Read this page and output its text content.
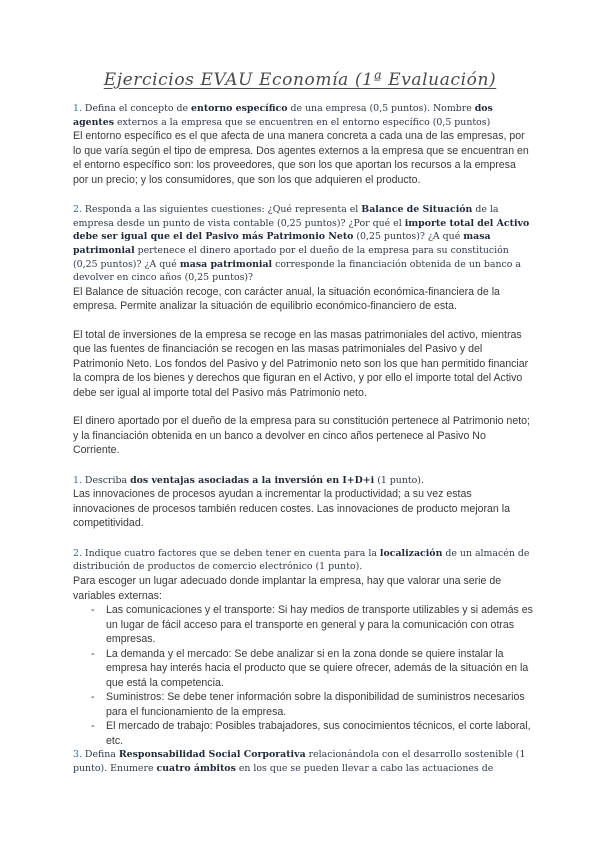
Ejercicios EVAU Economía (1ª Evaluación)

1. Defina el concepto de entorno específico de una empresa (0,5 puntos). Nombre dos agentes externos a la empresa que se encuentren en el entorno específico (0,5 puntos)

El entorno específico es el que afecta de una manera concreta a cada una de las empresas, por lo que varía según el tipo de empresa. Dos agentes externos a la empresa que se encuentran en el entorno específico son: los proveedores, que son los que aportan los recursos a la empresa por un precio; y los consumidores, que son los que adquieren el producto.

2. Responda a las siguientes cuestiones: ¿Qué representa el Balance de Situación de la empresa desde un punto de vista contable (0,25 puntos)? ¿Por qué el importe total del Activo debe ser igual que el del Pasivo más Patrimonio Neto (0,25 puntos)? ¿A qué masa patrimonial pertenece el dinero aportado por el dueño de la empresa para su constitución (0,25 puntos)? ¿A qué masa patrimonial corresponde la financiación obtenida de un banco a devolver en cinco años (0,25 puntos)?

El Balance de situación recoge, con carácter anual, la situación económica-financiera de la empresa. Permite analizar la situación de equilibrio económico-financiero de esta.

El total de inversiones de la empresa se recoge en las masas patrimoniales del activo, mientras que las fuentes de financiación se recogen en las masas patrimoniales del Pasivo y del Patrimonio Neto. Los fondos del Pasivo y del Patrimonio neto son los que han permitido financiar la compra de los bienes y derechos que figuran en el Activo, y por ello el importe total del Activo debe ser igual al importe total del Pasivo más Patrimonio neto.

El dinero aportado por el dueño de la empresa para su constitución pertenece al Patrimonio neto; y la financiación obtenida en un banco a devolver en cinco años pertenece al Pasivo No Corriente.

1. Describa dos ventajas asociadas a la inversión en I+D+i (1 punto).

Las innovaciones de procesos ayudan a incrementar la productividad; a su vez estas innovaciones de procesos también reducen costes. Las innovaciones de producto mejoran la competitividad.

2. Indique cuatro factores que se deben tener en cuenta para la localización de un almacén de distribución de productos de comercio electrónico (1 punto).

Para escoger un lugar adecuado donde implantar la empresa, hay que valorar una serie de variables externas:

- Las comunicaciones y el transporte: Si hay medios de transporte utilizables y si además es un lugar de fácil acceso para el transporte en general y para la comunicación con otras empresas.
- La demanda y el mercado: Se debe analizar si en la zona donde se quiere instalar la empresa hay interés hacia el producto que se quiere ofrecer, además de la situación en la que está la competencia.
- Suministros: Se debe tener información sobre la disponibilidad de suministros necesarios para el funcionamiento de la empresa.
- El mercado de trabajo: Posibles trabajadores, sus conocimientos técnicos, el corte laboral, etc.

3. Defina Responsabilidad Social Corporativa relacionándola con el desarrollo sostenible (1 punto). Enumere cuatro ámbitos en los que se pueden llevar a cabo las actuaciones de
